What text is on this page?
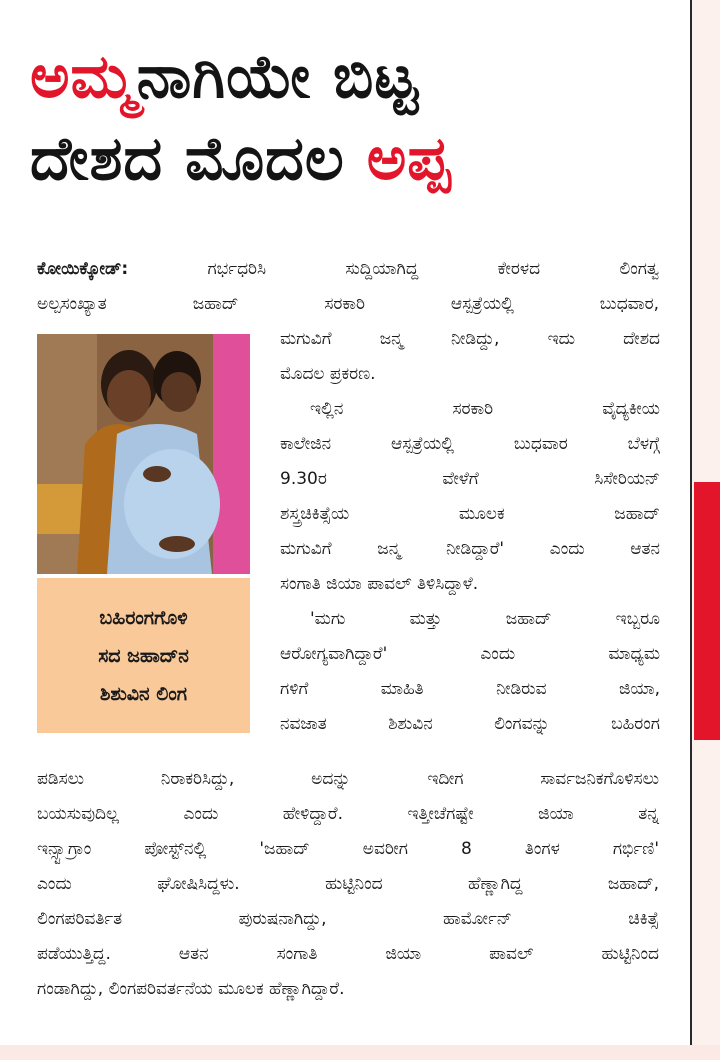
ಅಮ್ಮನಾಗಿಯೇ ಬಿಟ್ಟ
ದೇಶದ ಮೊದಲ ಅಪ್ಪ
ಕೋಯಿಕ್ಕೋಡ್: ಗರ್ಭಧರಿಸಿ ಸುದ್ದಿಯಾಗಿದ್ದ ಕೇರಳದ ಲಿಂಗತ್ವ
ಅಲ್ಪಸಂಖ್ಯಾತ ಜಹಾದ್ ಸರಕಾರಿ ಆಸ್ಪತ್ರೆಯಲ್ಲಿ ಬುಧವಾರ,
ಬಹಿರಂಗಗೊಳಿ
ಸದ ಜಹಾದ್‌ನ
ಶಿಶುವಿನ ಲಿಂಗ
ಮಗುವಿಗೆ ಜನ್ಮ ನೀಡಿದ್ದು, ಇದು ದೇಶದ
ಮೊದಲ ಪ್ರಕರಣ.
ಇಲ್ಲಿನ ಸರಕಾರಿ ವೈದ್ಯಕೀಯ
ಕಾಲೇಜಿನ ಆಸ್ಪತ್ರೆಯಲ್ಲಿ ಬುಧವಾರ ಬೆಳಗ್ಗೆ
9.30ರ ವೇಳೆಗೆ ಸಿಸೇರಿಯನ್
ಶಸ್ತ್ರಚಿಕಿತ್ಸೆಯ ಮೂಲಕ ಜಹಾದ್
ಮಗುವಿಗೆ ಜನ್ಮ ನೀಡಿದ್ದಾರೆ' ಎಂದು ಆತನ
ಸಂಗಾತಿ ಜಿಯಾ ಪಾವಲ್ ತಿಳಿಸಿದ್ದಾಳೆ.
'ಮಗು ಮತ್ತು ಜಹಾದ್ ಇಬ್ಬರೂ
ಆರೋಗ್ಯವಾಗಿದ್ದಾರೆ' ಎಂದು ಮಾಧ್ಯಮ
ಗಳಿಗೆ ಮಾಹಿತಿ ನೀಡಿರುವ ಜಿಯಾ,
ನವಜಾತ ಶಿಶುವಿನ ಲಿಂಗವನ್ನು ಬಹಿರಂಗ
ಪಡಿಸಲು ನಿರಾಕರಿಸಿದ್ದು, ಅದನ್ನು ಇದೀಗ ಸಾರ್ವಜನಿಕಗೊಳಿಸಲು
ಬಯಸುವುದಿಲ್ಲ ಎಂದು ಹೇಳಿದ್ದಾರೆ. ಇತ್ತೀಚೆಗಷ್ಟೇ ಜಿಯಾ ತನ್ನ
ಇನ್ಸ್ಟಾಗ್ರಾಂ ಪೋಸ್ಟ್‌ನಲ್ಲಿ 'ಜಹಾದ್ ಅವರೀಗ 8 ತಿಂಗಳ ಗರ್ಭಿಣಿ'
ಎಂದು ಘೋಷಿಸಿದ್ದಳು. ಹುಟ್ಟಿನಿಂದ ಹೆಣ್ಣಾಗಿದ್ದ ಜಹಾದ್,
ಲಿಂಗಪರಿವರ್ತಿತ ಪುರುಷನಾಗಿದ್ದು, ಹಾರ್ಮೋನ್ ಚಿಕಿತ್ಸೆ
ಪಡೆಯುತ್ತಿದ್ದ. ಆತನ ಸಂಗಾತಿ ಜಿಯಾ ಪಾವಲ್ ಹುಟ್ಟಿನಿಂದ
ಗಂಡಾಗಿದ್ದು, ಲಿಂಗಪರಿವರ್ತನೆಯ ಮೂಲಕ ಹೆಣ್ಣಾಗಿದ್ದಾರೆ.
